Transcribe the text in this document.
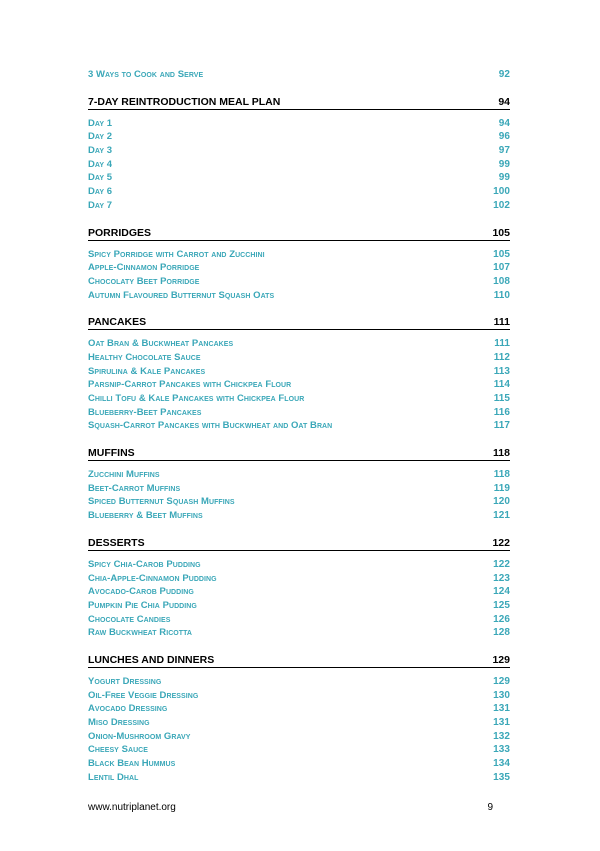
3 Ways to Cook and Serve	92
7-DAY REINTRODUCTION MEAL PLAN	94
Day 1	94
Day 2	96
Day 3	97
Day 4	99
Day 5	99
Day 6	100
Day 7	102
PORRIDGES	105
Spicy Porridge with Carrot and Zucchini	105
Apple-Cinnamon Porridge	107
Chocolaty Beet Porridge	108
Autumn Flavoured Butternut Squash Oats	110
PANCAKES	111
Oat Bran & Buckwheat Pancakes	111
Healthy Chocolate Sauce	112
Spirulina & Kale Pancakes	113
Parsnip-Carrot Pancakes with Chickpea Flour	114
Chilli Tofu & Kale Pancakes with Chickpea Flour	115
Blueberry-Beet Pancakes	116
Squash-Carrot Pancakes with Buckwheat and Oat Bran	117
MUFFINS	118
Zucchini Muffins	118
Beet-Carrot Muffins	119
Spiced Butternut Squash Muffins	120
Blueberry & Beet Muffins	121
DESSERTS	122
Spicy Chia-Carob Pudding	122
Chia-Apple-Cinnamon Pudding	123
Avocado-Carob Pudding	124
Pumpkin Pie Chia Pudding	125
Chocolate Candies	126
Raw Buckwheat Ricotta	128
LUNCHES AND DINNERS	129
Yogurt Dressing	129
Oil-Free Veggie Dressing	130
Avocado Dressing	131
Miso Dressing	131
Onion-Mushroom Gravy	132
Cheesy Sauce	133
Black Bean Hummus	134
Lentil Dhal	135
www.nutriplanet.org	9
